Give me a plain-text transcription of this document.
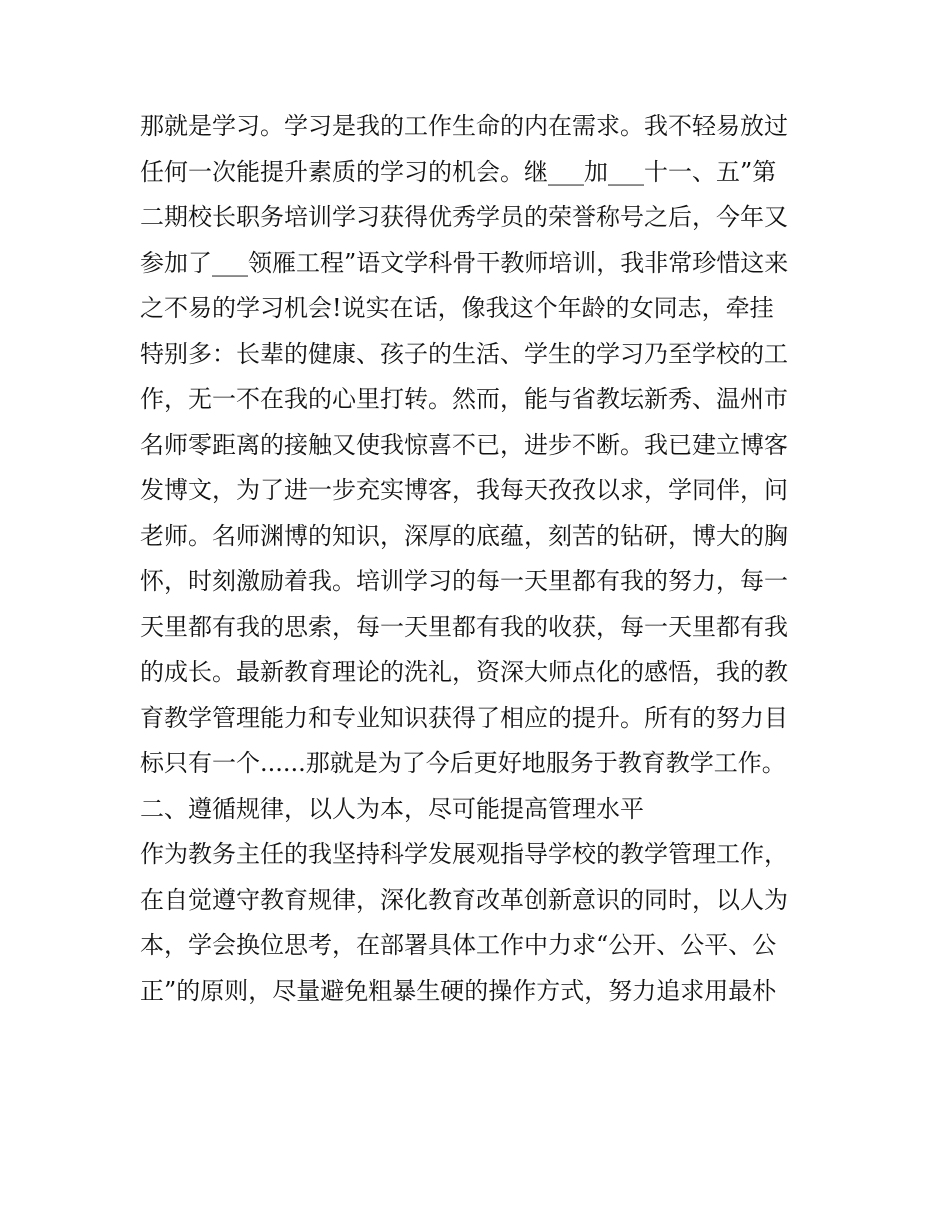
那就是学习。学习是我的工作生命的内在需求。我不轻易放过
任何一次能提升素质的学习的机会。继___加___十一、五”第
二期校长职务培训学习获得优秀学员的荣誉称号之后，今年又
参加了___领雁工程”语文学科骨干教师培训，我非常珍惜这来
之不易的学习机会!说实在话，像我这个年龄的女同志，牵挂
特别多：长辈的健康、孩子的生活、学生的学习乃至学校的工
作，无一不在我的心里打转。然而，能与省教坛新秀、温州市
名师零距离的接触又使我惊喜不已，进步不断。我已建立博客
发博文，为了进一步充实博客，我每天孜孜以求，学同伴，问
老师。名师渊博的知识，深厚的底蕴，刻苦的钻研，博大的胸
怀，时刻激励着我。培训学习的每一天里都有我的努力，每一
天里都有我的思索，每一天里都有我的收获，每一天里都有我
的成长。最新教育理论的洗礼，资深大师点化的感悟，我的教
育教学管理能力和专业知识获得了相应的提升。所有的努力目
标只有一个......那就是为了今后更好地服务于教育教学工作。
二、遵循规律，以人为本，尽可能提高管理水平
作为教务主任的我坚持科学发展观指导学校的教学管理工作，
在自觉遵守教育规律，深化教育改革创新意识的同时，以人为
本，学会换位思考，在部署具体工作中力求“公开、公平、公
正”的原则，尽量避免粗暴生硬的操作方式，努力追求用最朴
